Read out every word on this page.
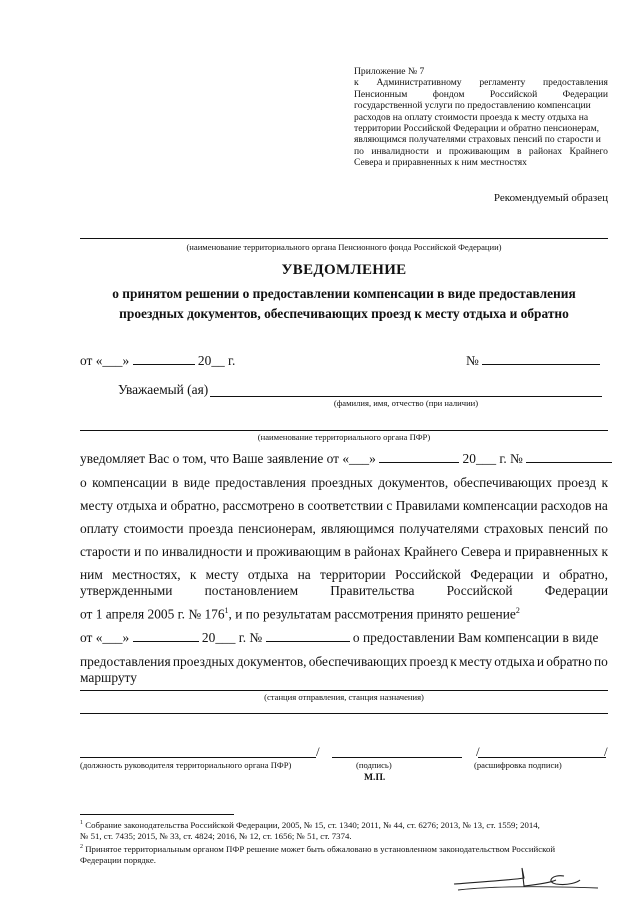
Приложение № 7
к Административному регламенту предоставления
Пенсионным	фондом	Российской	Федерации
государственной услуги по предоставлению компенсации
расходов на оплату стоимости проезда к месту отдыха на
территории Российской Федерации и обратно пенсионерам,
являющимся получателями страховых пенсий по старости и
по инвалидности и проживающим в районах Крайнего
Севера и приравненных к ним местностях
Рекомендуемый образец
(наименование территориального органа Пенсионного фонда Российской Федерации)
УВЕДОМЛЕНИЕ
о принятом решении о предоставлении компенсации в виде предоставления
проездных документов, обеспечивающих проезд к месту отдыха и обратно
от «___»	20__ г.	№
Уважаемый (ая)
(фамилия, имя, отчество (при наличии)
(наименование территориального органа ПФР)
уведомляет Вас о том, что Ваше заявление от «___»	20___ г. №
о компенсации в виде предоставления проездных документов, обеспечивающих проезд к
месту отдыха и обратно, рассмотрено в соответствии с Правилами компенсации расходов на
оплату стоимости проезда пенсионерам, являющимся получателями страховых пенсий по
старости и по инвалидности и проживающим в районах Крайнего Севера и приравненных к
ним местностях, к месту отдыха на территории Российской Федерации и обратно,
утвержденными постановлением Правительства Российской Федерации
от 1 апреля 2005 г. № $176^1$, и по результатам рассмотрения принято решение$^2$
от «___»	20___ г. №	о предоставлении Вам компенсации в виде
предоставления проездных документов, обеспечивающих проезд к месту отдыха и обратно по
маршруту
(станция отправления, станция назначения)
/	/	/
(должность руководителя территориального органа ПФР)	(подпись)	(расшифровка подписи)
М.П.
$^1$ Собрание законодательства Российской Федерации, 2005, № 15, ст. 1340; 2011, № 44, ст. 6276; 2013, № 13, ст. 1559; 2014,
№ 51, ст. 7435; 2015, № 33, ст. 4824; 2016, № 12, ст. 1656; № 51, ст. 7374.
$^2$ Принятое территориальным органом ПФР решение может быть обжаловано в установленном законодательством Российской
Федерации порядке.
